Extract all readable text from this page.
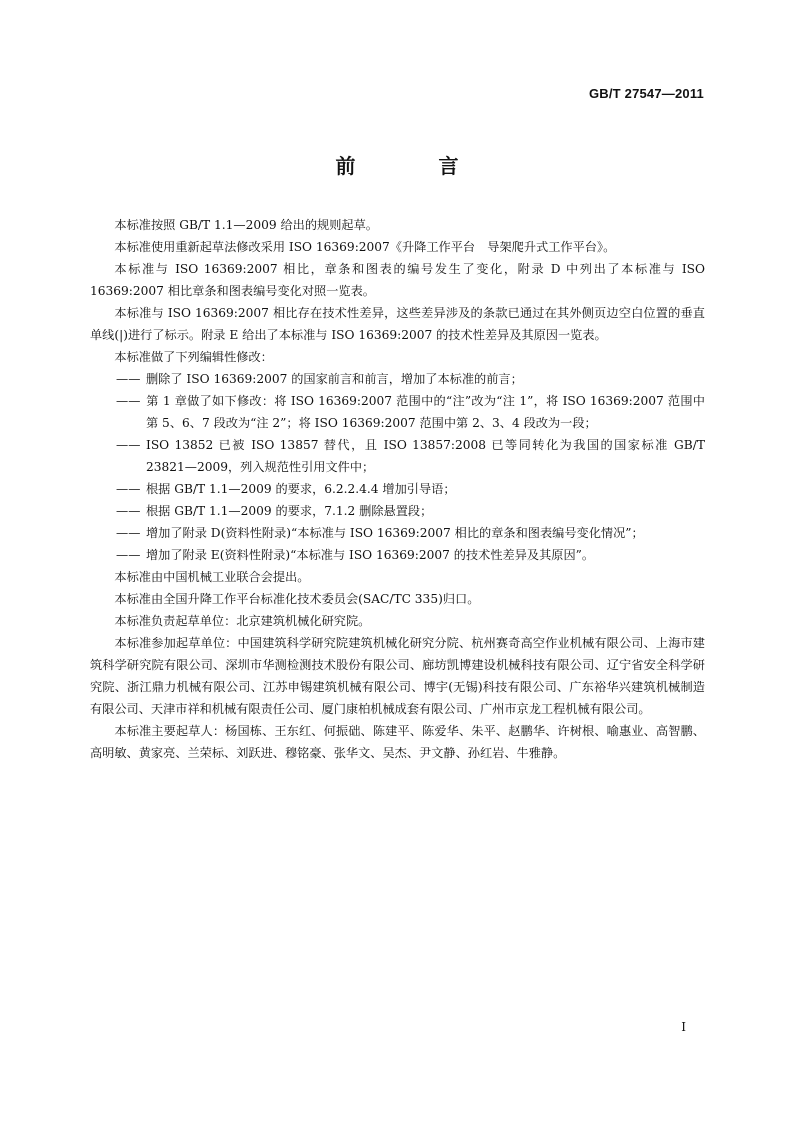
GB/T 27547—2011
前 言

本标准按照 GB/T 1.1—2009 给出的规则起草。

本标准使用重新起草法修改采用 ISO 16369:2007《升降工作平台　导架爬升式工作平台》。

本标准与 ISO 16369:2007 相比，章条和图表的编号发生了变化，附录 D 中列出了本标准与 ISO 16369:2007 相比章条和图表编号变化对照一览表。

本标准与 ISO 16369:2007 相比存在技术性差异，这些差异涉及的条款已通过在其外侧页边空白位置的垂直单线(|)进行了标示。附录 E 给出了本标准与 ISO 16369:2007 的技术性差异及其原因一览表。

本标准做了下列编辑性修改：

—— 删除了 ISO 16369:2007 的国家前言和前言，增加了本标准的前言；

—— 第 1 章做了如下修改：将 ISO 16369:2007 范围中的“注”改为“注 1”，将 ISO 16369:2007 范围中第 5、6、7 段改为“注 2”；将 ISO 16369:2007 范围中第 2、3、4 段改为一段；

—— ISO 13852 已被 ISO 13857 替代，且 ISO 13857:2008 已等同转化为我国的国家标准 GB/T 23821—2009，列入规范性引用文件中；

—— 根据 GB/T 1.1—2009 的要求，6.2.2.4.4 增加引导语；

—— 根据 GB/T 1.1—2009 的要求，7.1.2 删除悬置段；

—— 增加了附录 D(资料性附录)“本标准与 ISO 16369:2007 相比的章条和图表编号变化情况”；

—— 增加了附录 E(资料性附录)“本标准与 ISO 16369:2007 的技术性差异及其原因”。

本标准由中国机械工业联合会提出。

本标准由全国升降工作平台标准化技术委员会(SAC/TC 335)归口。

本标准负责起草单位：北京建筑机械化研究院。

本标准参加起草单位：中国建筑科学研究院建筑机械化研究分院、杭州赛奇高空作业机械有限公司、上海市建筑科学研究院有限公司、深圳市华测检测技术股份有限公司、廊坊凯博建设机械科技有限公司、辽宁省安全科学研究院、浙江鼎力机械有限公司、江苏申锡建筑机械有限公司、博宇(无锡)科技有限公司、广东裕华兴建筑机械制造有限公司、天津市祥和机械有限责任公司、厦门康柏机械成套有限公司、广州市京龙工程机械有限公司。

本标准主要起草人：杨国栋、王东红、何振础、陈建平、陈爱华、朱平、赵鹏华、许树根、喻惠业、高智鹏、高明敏、黄家亮、兰荣标、刘跃进、穆铭豪、张华文、吴杰、尹文静、孙红岩、牛雅静。

I
